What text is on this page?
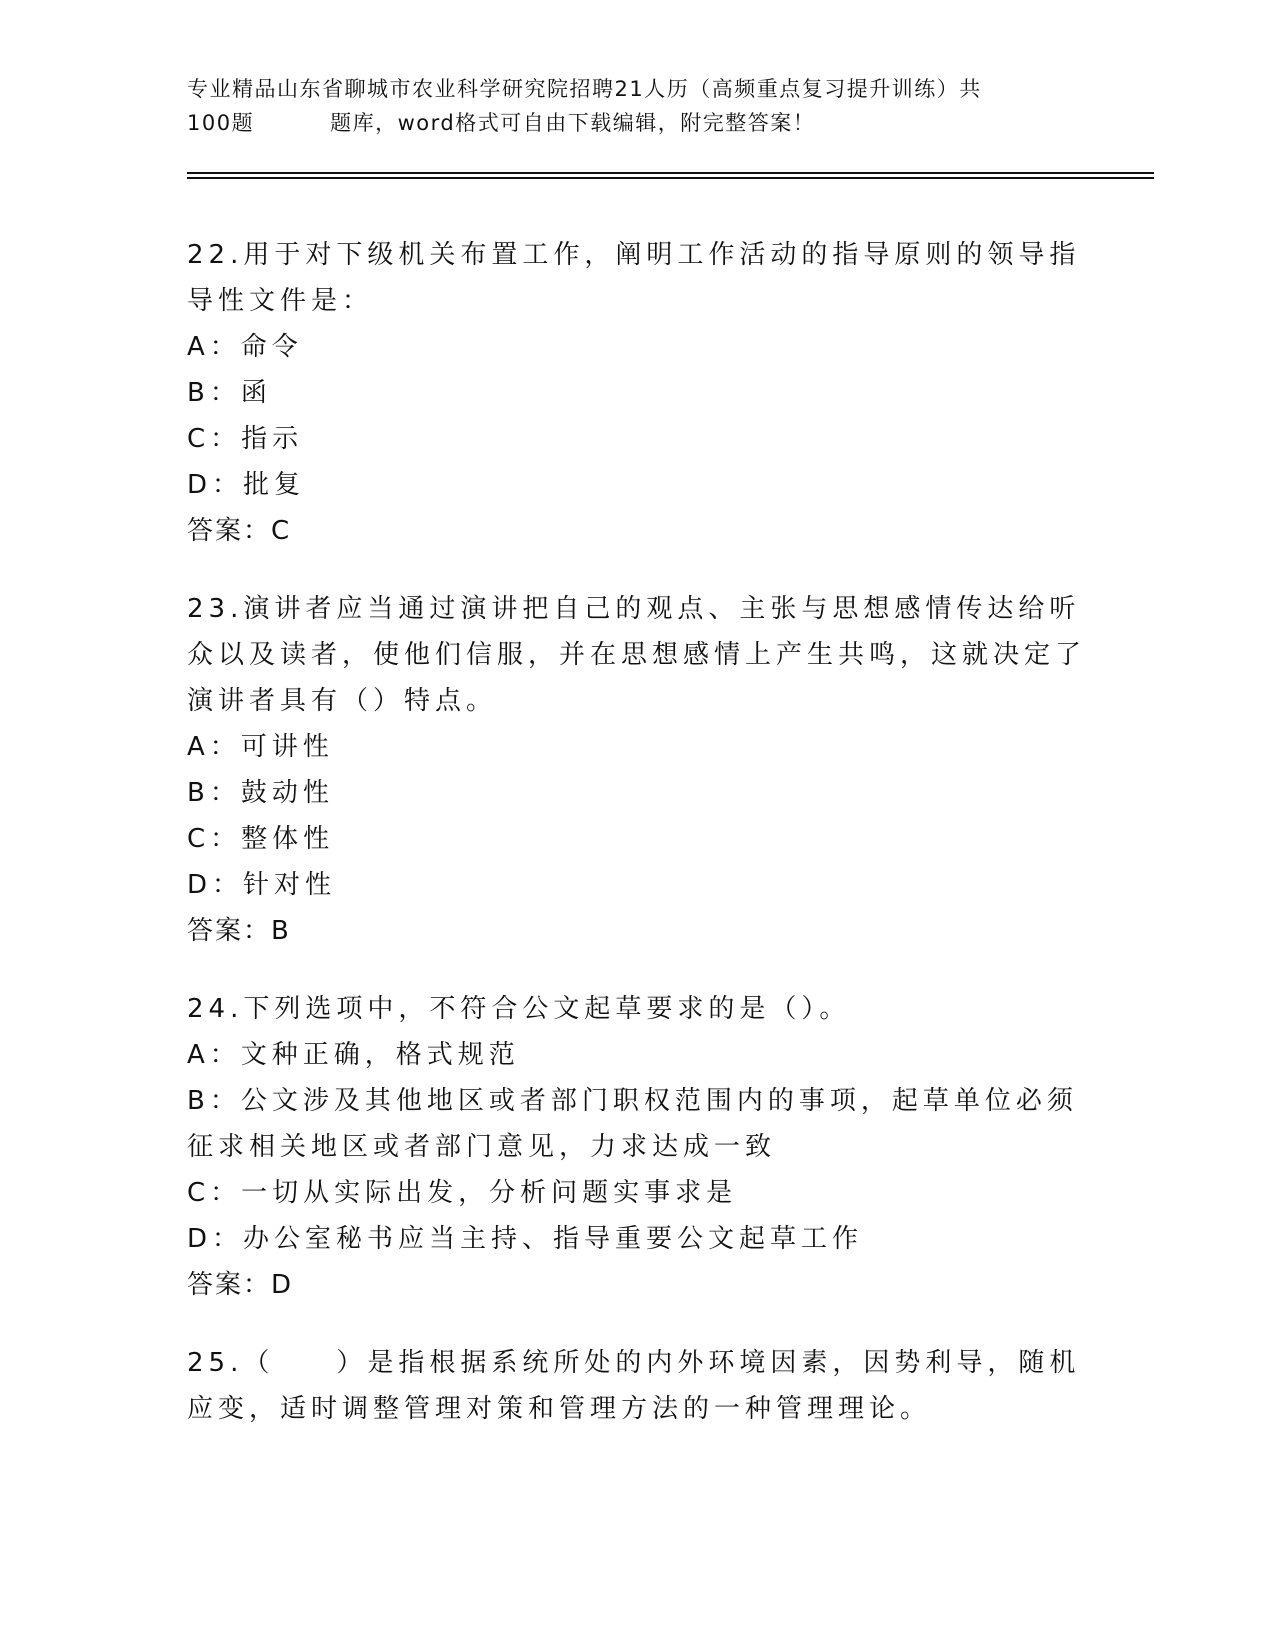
专业精品山东省聊城市农业科学研究院招聘21人历（高频重点复习提升训练）共
100题	题库，word格式可自由下载编辑，附完整答案！
22.用于对下级机关布置工作，阐明工作活动的指导原则的领导指导性文件是：
A：命令
B：函
C：指示
D：批复
答案：C
23.演讲者应当通过演讲把自己的观点、主张与思想感情传达给听众以及读者，使他们信服，并在思想感情上产生共鸣，这就决定了演讲者具有（）特点。
A：可讲性
B：鼓动性
C：整体性
D：针对性
答案：B
24.下列选项中，不符合公文起草要求的是（）。
A：文种正确，格式规范
B：公文涉及其他地区或者部门职权范围内的事项，起草单位必须征求相关地区或者部门意见，力求达成一致
C：一切从实际出发，分析问题实事求是
D：办公室秘书应当主持、指导重要公文起草工作
答案：D
25.（　　）是指根据系统所处的内外环境因素，因势利导，随机应变，适时调整管理对策和管理方法的一种管理理论。
